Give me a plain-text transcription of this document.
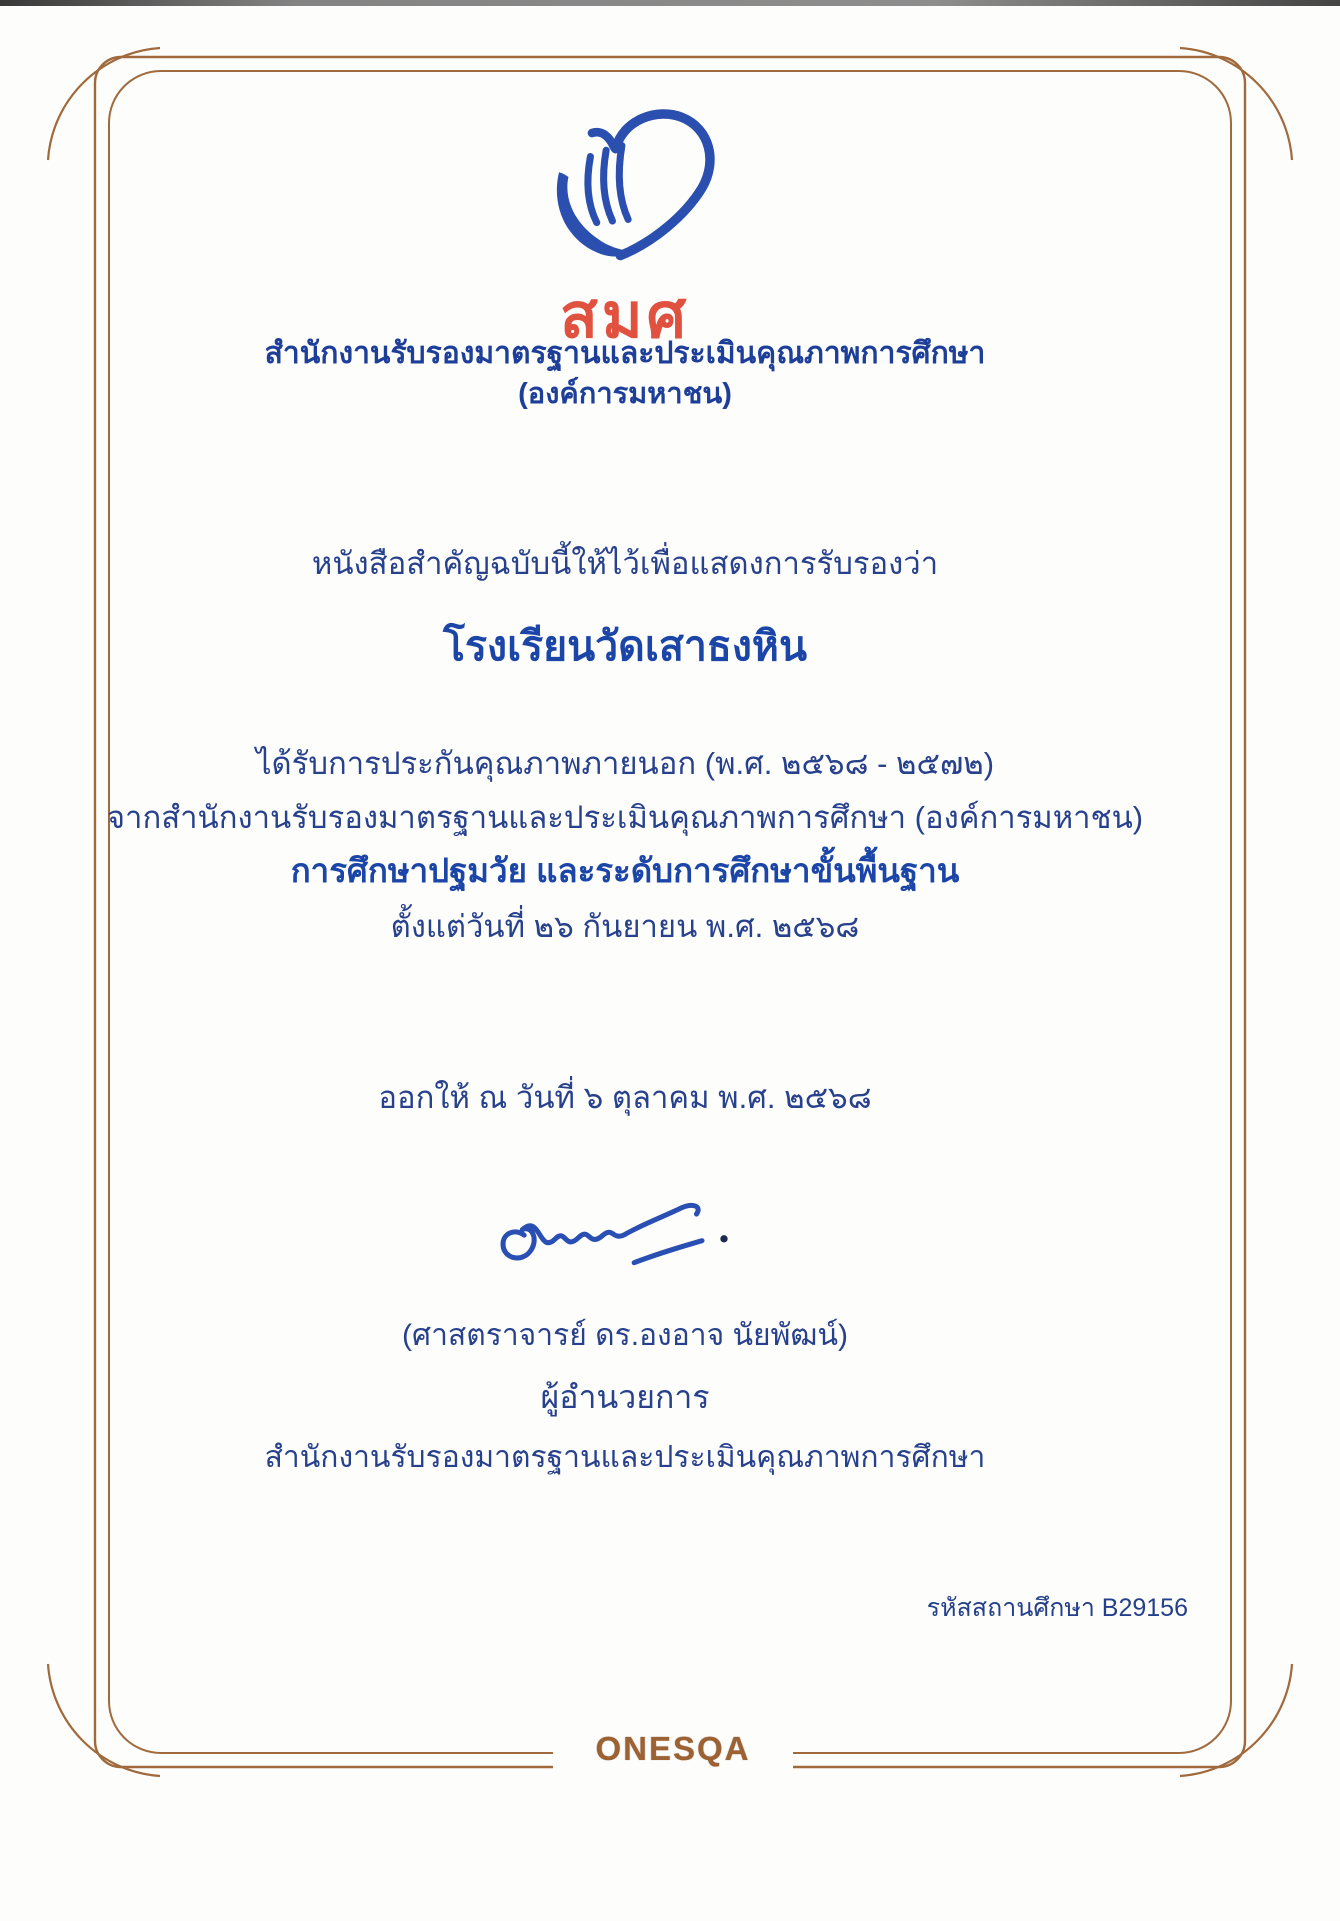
ONESQA
สมศ
สำนักงานรับรองมาตรฐานและประเมินคุณภาพการศึกษา
(องค์การมหาชน)
หนังสือสำคัญฉบับนี้ให้ไว้เพื่อแสดงการรับรองว่า
โรงเรียนวัดเสาธงหิน
ได้รับการประกันคุณภาพภายนอก (พ.ศ. ๒๕๖๘ - ๒๕๗๒)
จากสำนักงานรับรองมาตรฐานและประเมินคุณภาพการศึกษา (องค์การมหาชน)
การศึกษาปฐมวัย และระดับการศึกษาขั้นพื้นฐาน
ตั้งแต่วันที่ ๒๖ กันยายน พ.ศ. ๒๕๖๘
ออกให้ ณ วันที่ ๖ ตุลาคม พ.ศ. ๒๕๖๘
(ศาสตราจารย์ ดร.องอาจ นัยพัฒน์)
ผู้อำนวยการ
สำนักงานรับรองมาตรฐานและประเมินคุณภาพการศึกษา
รหัสสถานศึกษา B29156
